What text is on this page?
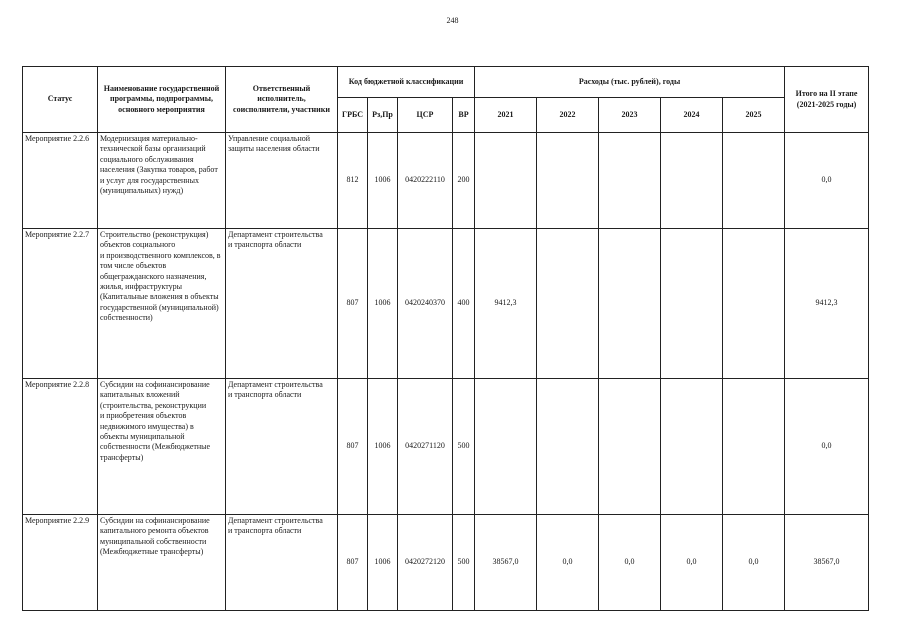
248
Статус	Наименование государственной программы, подпрограммы, основного мероприятия	Ответственный исполнитель, соисполнители, участники	Код бюджетной классификации				Расходы (тыс. рублей), годы					Итого на II этапе (2021-2025 годы)
			ГРБС	Рз,Пр	ЦСР	ВР	2021	2022	2023	2024	2025	
Мероприятие 2.2.6	Модернизация материально-технической базы организаций социального обслуживания населения (Закупка товаров, работ и услуг для государственных (муниципальных) нужд)	Управление социальной защиты населения области	812	1006	0420222110	200						0,0
Мероприятие 2.2.7	Строительство (реконструкция) объектов социального
и производственного комплексов, в том числе объектов общегражданского назначения, жилья, инфраструктуры (Капитальные вложения в объекты государственной (муниципальной) собственности)	Департамент строительства
и транспорта области	807	1006	0420240370	400	9412,3					9412,3
Мероприятие 2.2.8	Субсидии на софинансирование капитальных вложений (строительства, реконструкции
и приобретения объектов недвижимого имущества) в объекты муниципальной собственности (Межбюджетные трансферты)	Департамент строительства
и транспорта области	807	1006	0420271120	500						0,0
Мероприятие 2.2.9	Субсидии на софинансирование капитального ремонта объектов муниципальной собственности (Межбюджетные трансферты)	Департамент строительства
и транспорта области	807	1006	0420272120	500	38567,0	0,0	0,0	0,0	0,0	38567,0
